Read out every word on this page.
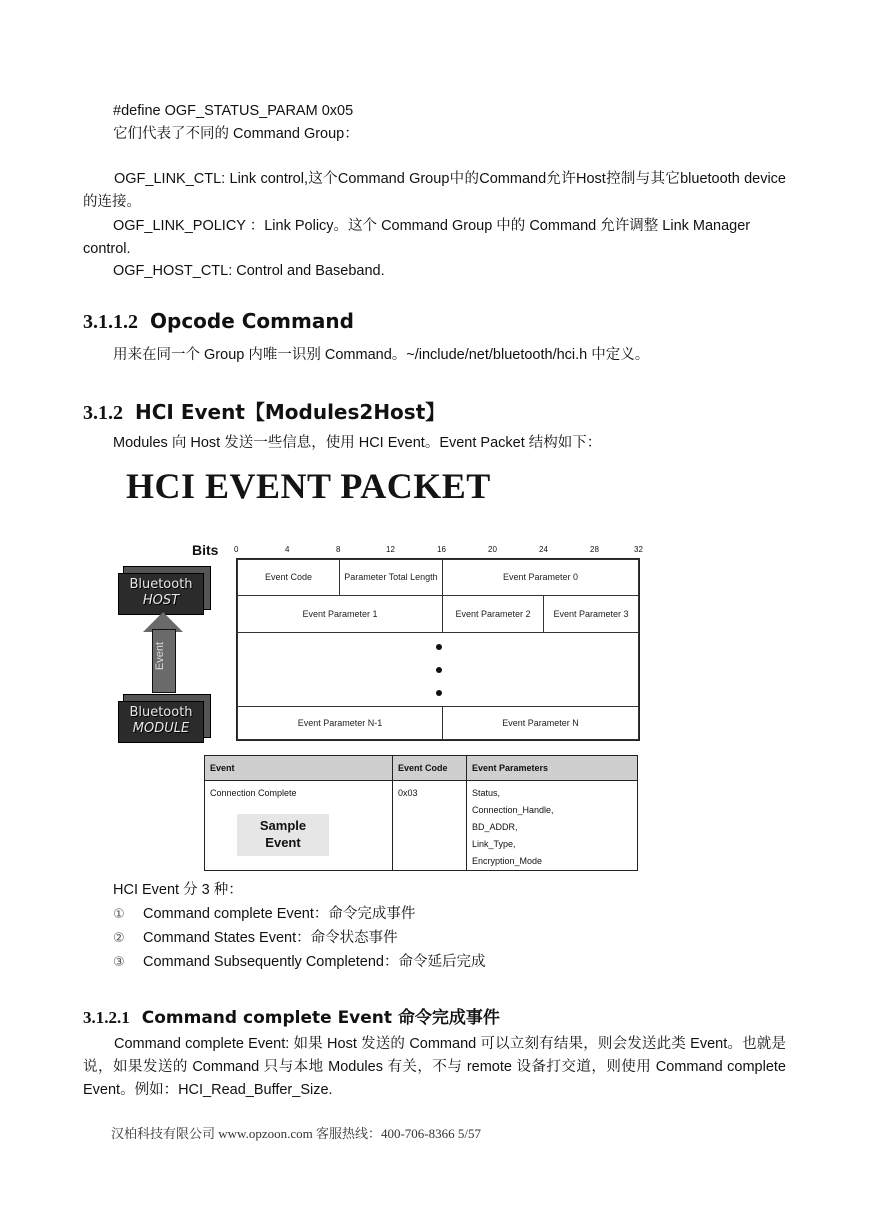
#define OGF_STATUS_PARAM 0x05
它们代表了不同的 Command Group：
OGF_LINK_CTL: Link control,这个Command Group中的Command允许Host控制与其它bluetooth device 的连接。
OGF_LINK_POLICY ：Link Policy。这个 Command Group 中的 Command 允许调整 Link Manager
control.
OGF_HOST_CTL: Control and Baseband.
3.1.1.2 Opcode Command
用来在同一个 Group 内唯一识别 Command。~/include/net/bluetooth/hci.h 中定义。
3.1.2 HCI Event【Modules2Host】
Modules 向 Host 发送一些信息，使用 HCI Event。Event Packet 结构如下：
HCI EVENT PACKET
Bits 0	4	8	12	16	20	24	28	32
Bluetooth
HOST
Event
Bluetooth
MODULE
Event Code	Parameter Total Length	Event Parameter 0
Event Parameter 1	Event Parameter 2	Event Parameter 3
Event Parameter N-1	Event Parameter N
Event	Event Code	Event Parameters
Connection Complete	0x03	Status,
Connection_Handle,
BD_ADDR,
Link_Type,
Encryption_Mode
Sample
Event
HCI Event 分 3 种：
① Command complete Event：命令完成事件
② Command States Event：命令状态事件
③ Command Subsequently Completend：命令延后完成
3.1.2.1 Command complete Event 命令完成事件
Command complete Event: 如果 Host 发送的 Command 可以立刻有结果，则会发送此类 Event。也就是说，如果发送的 Command 只与本地 Modules 有关，不与 remote 设备打交道，则使用 Command complete Event。例如：HCI_Read_Buffer_Size.
汉柏科技有限公司 www.opzoon.com 客服热线：400-706-8366 5/57
